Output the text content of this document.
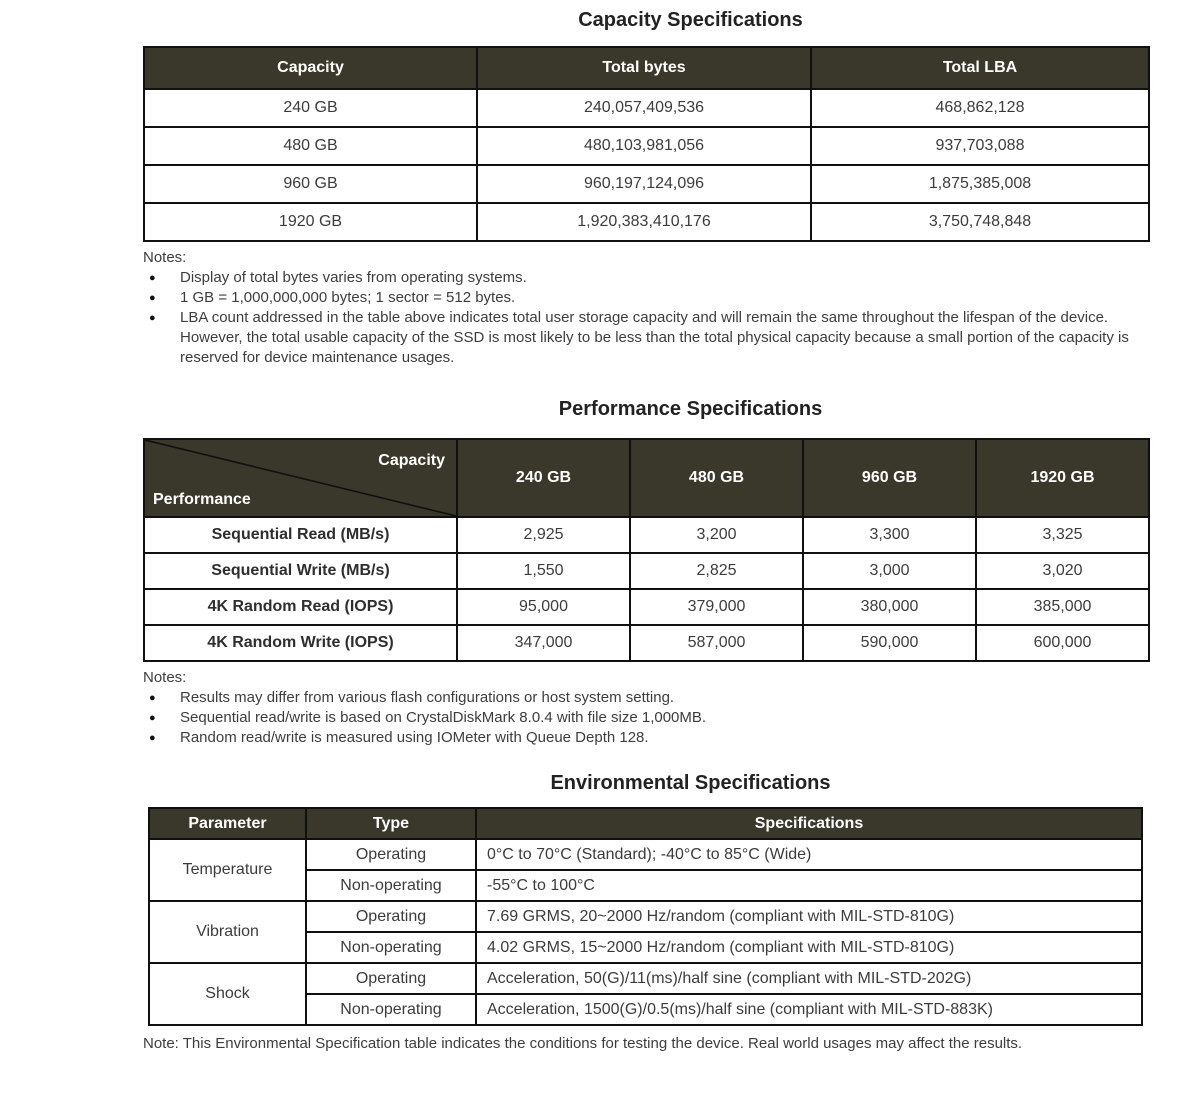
Capacity Specifications
Capacity	Total bytes	Total LBA
240 GB	240,057,409,536	468,862,128
480 GB	480,103,981,056	937,703,088
960 GB	960,197,124,096	1,875,385,008
1920 GB	1,920,383,410,176	3,750,748,848
Notes:
●	Display of total bytes varies from operating systems.
●	1 GB = 1,000,000,000 bytes; 1 sector = 512 bytes.
●	LBA count addressed in the table above indicates total user storage capacity and will remain the same throughout the lifespan of the device. However, the total usable capacity of the SSD is most likely to be less than the total physical capacity because a small portion of the capacity is reserved for device maintenance usages.
Performance Specifications
Capacity
Performance	240 GB	480 GB	960 GB	1920 GB
Sequential Read (MB/s)	2,925	3,200	3,300	3,325
Sequential Write (MB/s)	1,550	2,825	3,000	3,020
4K Random Read (IOPS)	95,000	379,000	380,000	385,000
4K Random Write (IOPS)	347,000	587,000	590,000	600,000
Notes:
●	Results may differ from various flash configurations or host system setting.
●	Sequential read/write is based on CrystalDiskMark 8.0.4 with file size 1,000MB.
●	Random read/write is measured using IOMeter with Queue Depth 128.
Environmental Specifications
Parameter	Type	Specifications
Temperature	Operating	0°C to 70°C (Standard); -40°C to 85°C (Wide)
	Non-operating	-55°C to 100°C
Vibration	Operating	7.69 GRMS, 20~2000 Hz/random (compliant with MIL-STD-810G)
	Non-operating	4.02 GRMS, 15~2000 Hz/random (compliant with MIL-STD-810G)
Shock	Operating	Acceleration, 50(G)/11(ms)/half sine (compliant with MIL-STD-202G)
	Non-operating	Acceleration, 1500(G)/0.5(ms)/half sine (compliant with MIL-STD-883K)
Note: This Environmental Specification table indicates the conditions for testing the device. Real world usages may affect the results.
